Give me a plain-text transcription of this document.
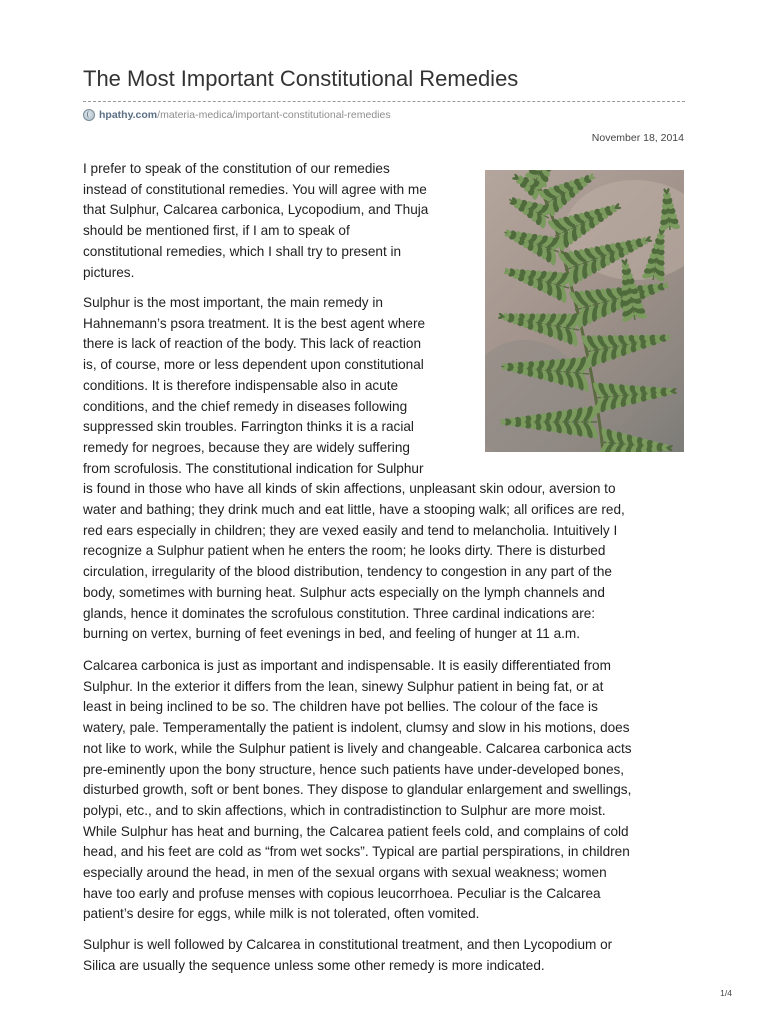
The Most Important Constitutional Remedies
hpathy.com /materia-medica/important-constitutional-remedies
November 18, 2014

I prefer to speak of the constitution of our remedies
instead of constitutional remedies. You will agree with me
that Sulphur, Calcarea carbonica, Lycopodium, and Thuja
should be mentioned first, if I am to speak of
constitutional remedies, which I shall try to present in
pictures.

Sulphur is the most important, the main remedy in
Hahnemann’s psora treatment. It is the best agent where
there is lack of reaction of the body. This lack of reaction
is, of course, more or less dependent upon constitutional
conditions. It is therefore indispensable also in acute
conditions, and the chief remedy in diseases following
suppressed skin troubles. Farrington thinks it is a racial
remedy for negroes, because they are widely suffering
from scrofulosis. The constitutional indication for Sulphur
is found in those who have all kinds of skin affections, unpleasant skin odour, aversion to
water and bathing; they drink much and eat little, have a stooping walk; all orifices are red,
red ears especially in children; they are vexed easily and tend to melancholia. Intuitively I
recognize a Sulphur patient when he enters the room; he looks dirty. There is disturbed
circulation, irregularity of the blood distribution, tendency to congestion in any part of the
body, sometimes with burning heat. Sulphur acts especially on the lymph channels and
glands, hence it dominates the scrofulous constitution. Three cardinal indications are:
burning on vertex, burning of feet evenings in bed, and feeling of hunger at 11 a.m.

Calcarea carbonica is just as important and indispensable. It is easily differentiated from
Sulphur. In the exterior it differs from the lean, sinewy Sulphur patient in being fat, or at
least in being inclined to be so. The children have pot bellies. The colour of the face is
watery, pale. Temperamentally the patient is indolent, clumsy and slow in his motions, does
not like to work, while the Sulphur patient is lively and changeable. Calcarea carbonica acts
pre-eminently upon the bony structure, hence such patients have under-developed bones,
disturbed growth, soft or bent bones. They dispose to glandular enlargement and swellings,
polypi, etc., and to skin affections, which in contradistinction to Sulphur are more moist.
While Sulphur has heat and burning, the Calcarea patient feels cold, and complains of cold
head, and his feet are cold as “from wet socks”. Typical are partial perspirations, in children
especially around the head, in men of the sexual organs with sexual weakness; women
have too early and profuse menses with copious leucorrhoea. Peculiar is the Calcarea
patient’s desire for eggs, while milk is not tolerated, often vomited.

Sulphur is well followed by Calcarea in constitutional treatment, and then Lycopodium or
Silica are usually the sequence unless some other remedy is more indicated.

1/4
